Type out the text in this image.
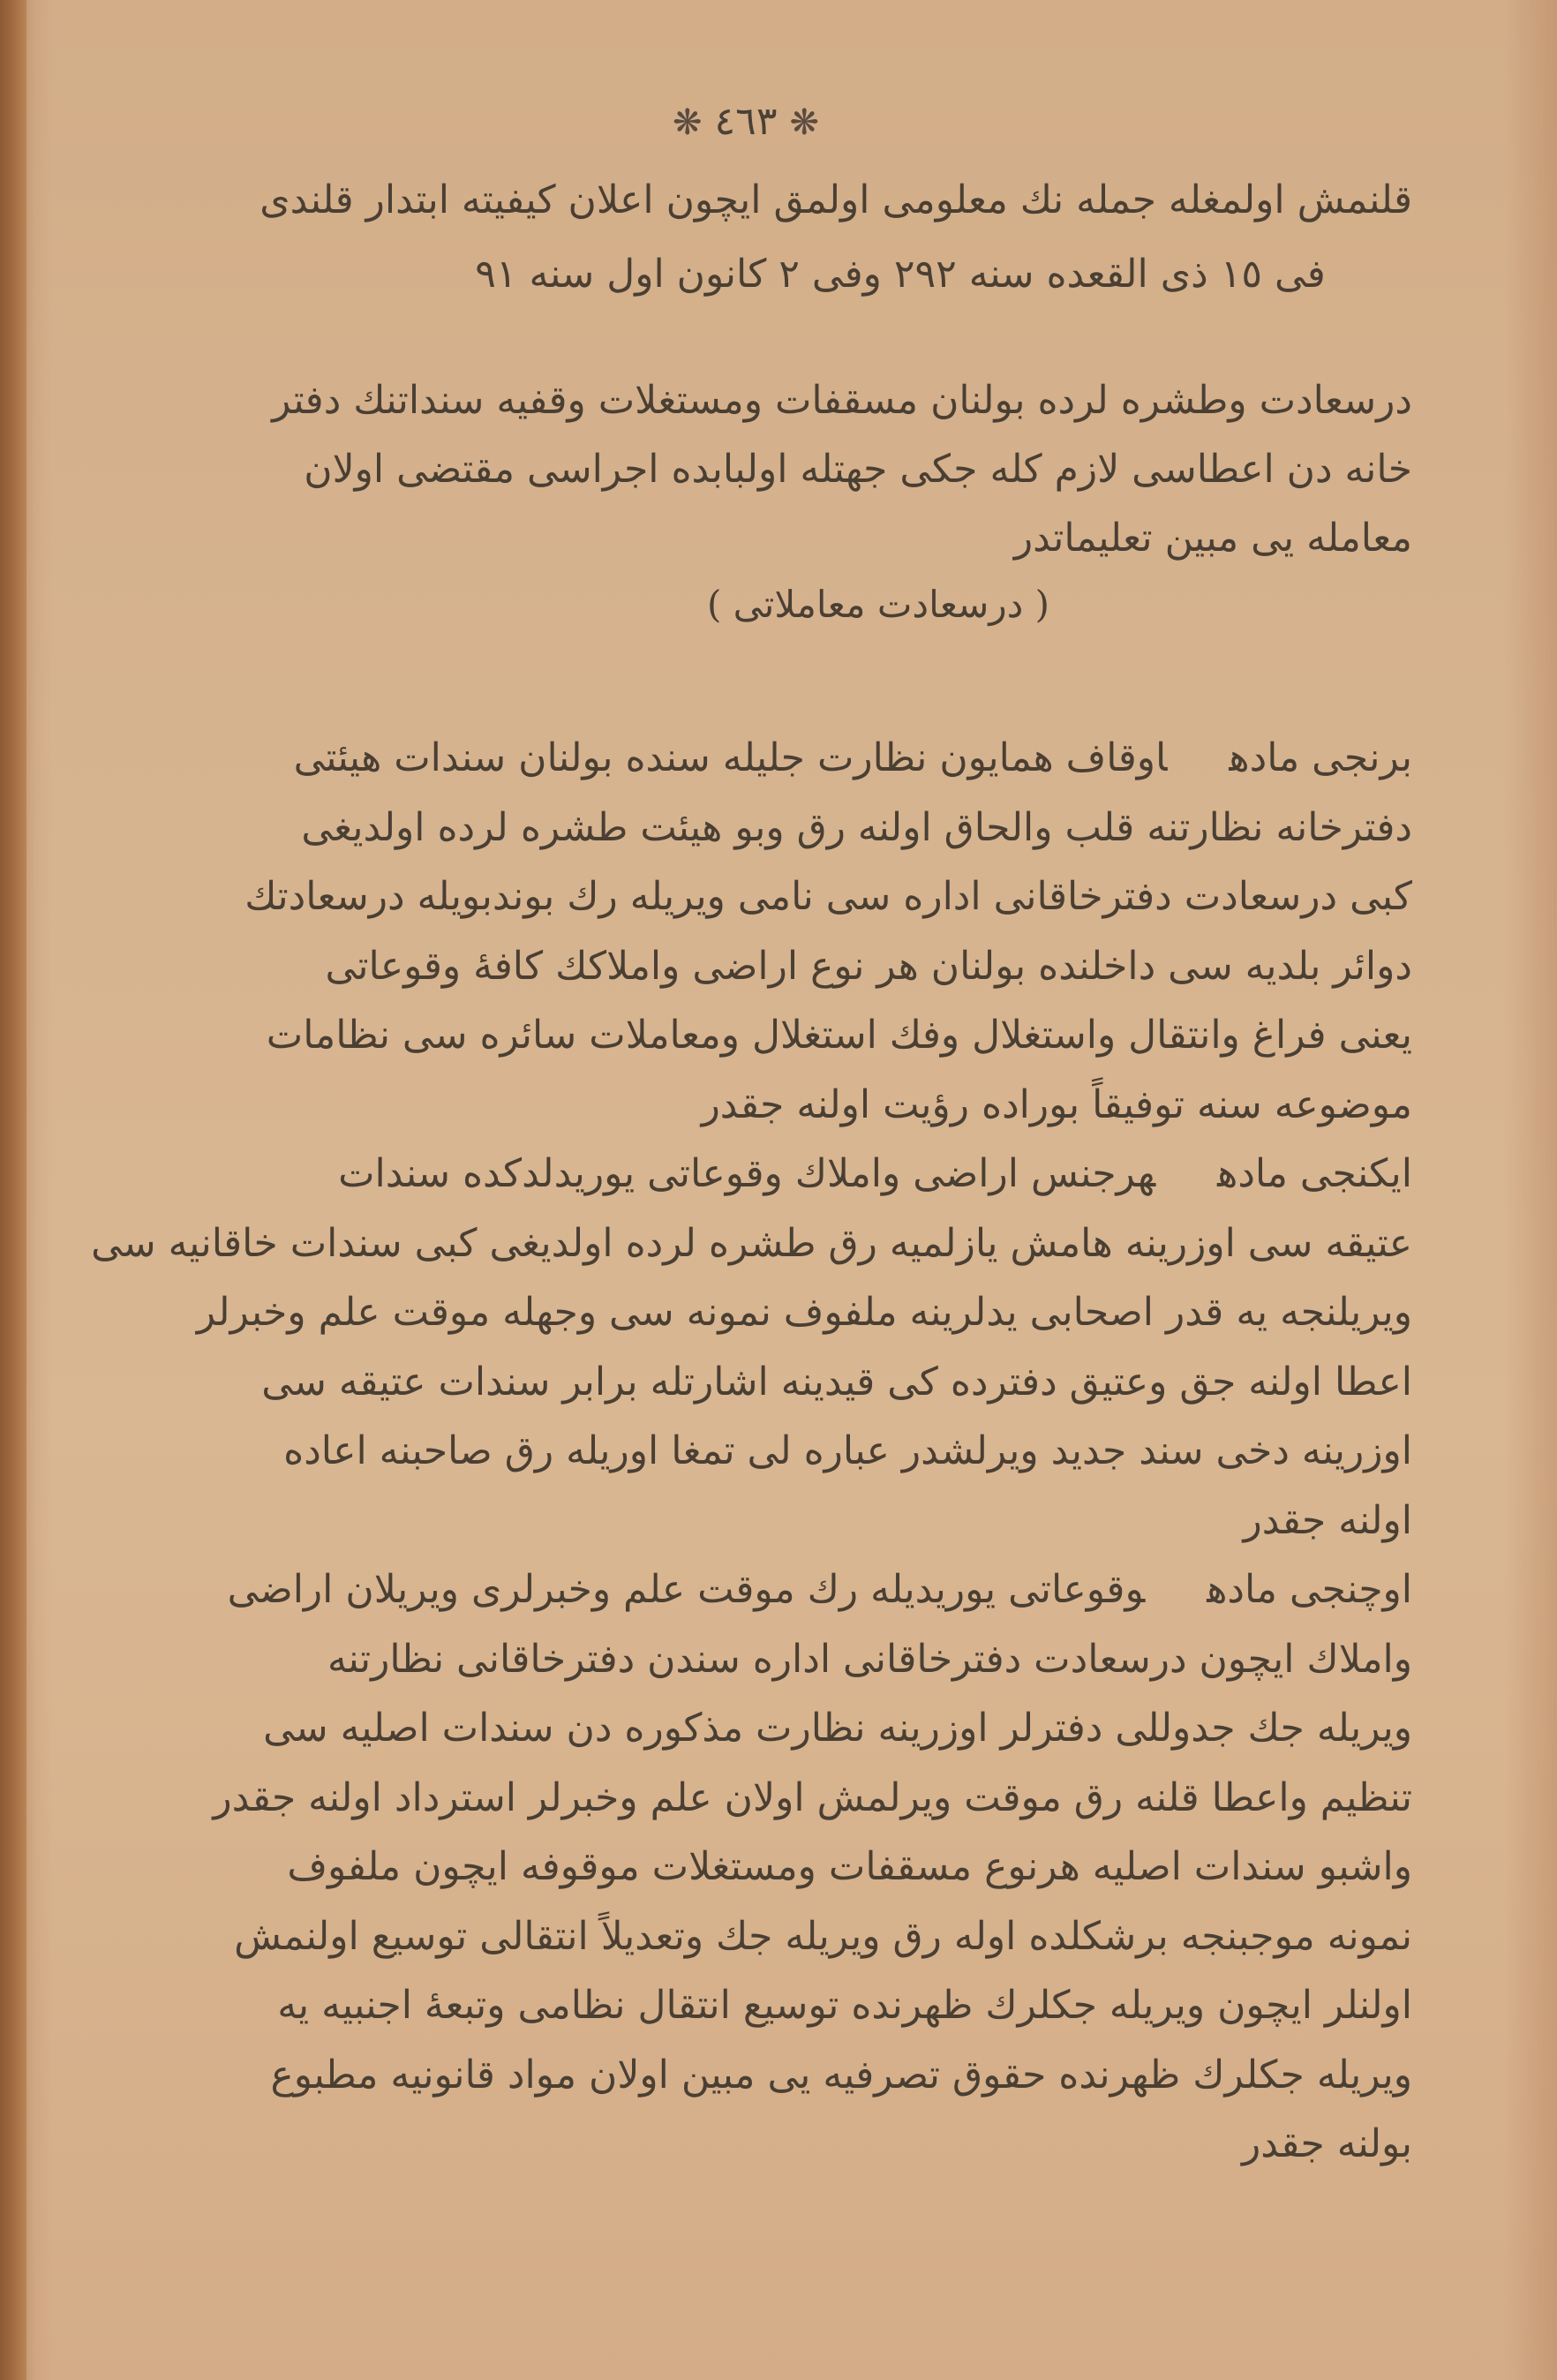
❋ ٤٦٣ ❋
قلنمش اولمغله جمله نك معلومی اولمق ایچون اعلان کیفیته ابتدار قلندی
فی ١٥ ذی القعده سنه ٢٩٢ وفی ٢ کانون اول سنه ٩١
درسعادت وطشره لرده بولنان مسقفات ومستغلات وقفیه سنداتنك دفتر
خانه دن اعطاسی لازم کله جکی جهتله اولبابده اجراسی مقتضی اولان
معامله یی مبین تعلیماتدر
( درسعادت معاملاتی )
برنجی مادهاوقاف همایون نظارت جلیله سنده بولنان سندات هیئتی
دفترخانه نظارتنه قلب والحاق اولنه رق وبو هیئت طشره لرده اولدیغی
کبی درسعادت دفترخاقانی اداره سی نامی ویریله رك بوندبویله درسعادتك
دوائر بلدیه سی داخلنده بولنان هر نوع اراضی واملاكك کافهٔ وقوعاتی
یعنی فراغ وانتقال واستغلال وفك استغلال ومعاملات سائره سی نظامات
موضوعه سنه توفیقاً بوراده رؤیت اولنه جقدر
ایکنجی مادههرجنس اراضی واملاك وقوعاتی یوریدلدکده سندات
عتیقه سی اوزرینه هامش یازلمیه رق طشره لرده اولدیغی کبی سندات خاقانیه سی
ویریلنجه یه قدر اصحابی یدلرینه ملفوف نمونه سی وجهله موقت علم وخبرلر
اعطا اولنه جق وعتیق دفترده کی قیدینه اشارتله برابر سندات عتیقه سی
اوزرینه دخی سند جدید ویرلشدر عباره لی تمغا اوریله رق صاحبنه اعاده
اولنه جقدر
اوچنجی مادهوقوعاتی یوریدیله رك موقت علم وخبرلری ویریلان اراضی
واملاك ایچون درسعادت دفترخاقانی اداره سندن دفترخاقانی نظارتنه
ویریله جك جدوللی دفترلر اوزرینه نظارت مذکوره دن سندات اصلیه سی
تنظیم واعطا قلنه رق موقت ویرلمش اولان علم وخبرلر استرداد اولنه جقدر
واشبو سندات اصلیه هرنوع مسقفات ومستغلات موقوفه ایچون ملفوف
نمونه موجبنجه برشکلده اوله رق ویریله جك وتعدیلاً انتقالی توسیع اولنمش
اولنلر ایچون ویریله جکلرك ظهرنده توسیع انتقال نظامی وتبعهٔ اجنبیه یه
ویریله جکلرك ظهرنده حقوق تصرفیه یی مبین اولان مواد قانونیه مطبوع
بولنه جقدر
